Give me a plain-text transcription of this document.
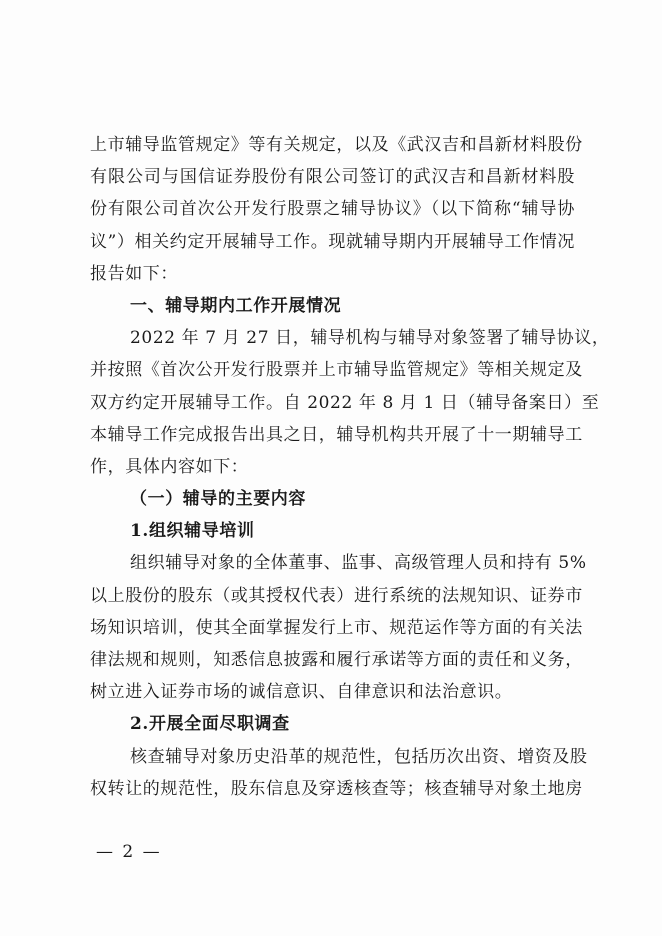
上市辅导监管规定》等有关规定，以及《武汉吉和昌新材料股份
有限公司与国信证券股份有限公司签订的武汉吉和昌新材料股
份有限公司首次公开发行股票之辅导协议》（以下简称“辅导协
议”）相关约定开展辅导工作。现就辅导期内开展辅导工作情况
报告如下：
一、辅导期内工作开展情况
2022 年 7 月 27 日，辅导机构与辅导对象签署了辅导协议，
并按照《首次公开发行股票并上市辅导监管规定》等相关规定及
双方约定开展辅导工作。自 2022 年 8 月 1 日（辅导备案日）至
本辅导工作完成报告出具之日，辅导机构共开展了十一期辅导工
作，具体内容如下：
（一）辅导的主要内容
1.组织辅导培训
组织辅导对象的全体董事、监事、高级管理人员和持有 5%
以上股份的股东（或其授权代表）进行系统的法规知识、证券市
场知识培训，使其全面掌握发行上市、规范运作等方面的有关法
律法规和规则，知悉信息披露和履行承诺等方面的责任和义务，
树立进入证券市场的诚信意识、自律意识和法治意识。
2.开展全面尽职调查
核查辅导对象历史沿革的规范性，包括历次出资、增资及股
权转让的规范性，股东信息及穿透核查等；核查辅导对象土地房
— 2 —
